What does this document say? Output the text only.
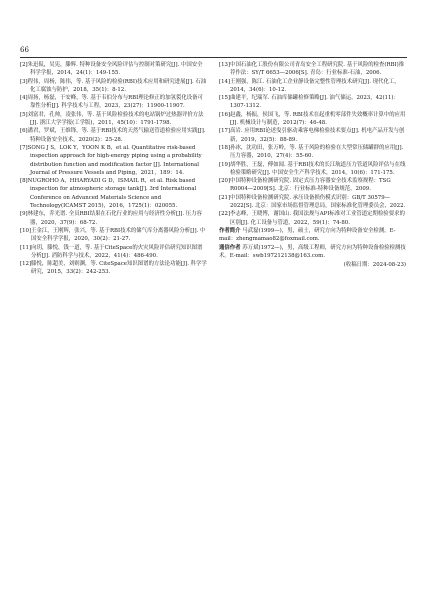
66

[2]朱迅侃，吴宪，滕辉. 特种设备安全风险评估与控制对策研究[J]. 中国安全科学学报，2014，24(1)：149-155.

[3]程伟，周杨，陈伟，等. 基于风险的检验(RBI)技术应用和研究进展[J]. 石油化工腐蚀与防护，2018，35(1)：8-12.

[4]周扬，杨磊，于安峰，等. 基于韦伯分布与RBI理论修正的加氢裂化设备可靠性分析[J]. 科学技术与工程，2023，23(27)：11900-11907.

[5]刘富君，孔帅，凌张伟，等. 基于风险检验技术的电站锅炉过热器评价方法[J]. 浙江大学学报(工学版)，2011，45(10)：1791-1798.

[6]潘君，罗斌，王维锋，等. 基于RBI技术的天然气输送管道检验应用实践[J]. 特种设备安全技术，2020(2)：25-28.

[7]SONG J S，LOK Y，YOON K B，et al. Quantitative risk-based inspection approach for high-energy piping using a probability distribution function and modification factor [J]. International Journal of Pressure Vessels and Piping，2021，189：14.

[8]NUGROHO A，HHARYADI G D，ISMAIL R，et al. Risk based inspection for atmospheric storage tank[J]. 3rd International Conference on Advanced Materials Science and Technology(ICAMST 2015)，2016，1725(1)：020055.

[9]林建东，乔光谱. 全员RBI结果在石化行业的应用与经济性分析[J]. 压力容器，2020，37(9)：68-72.

[10]王金江，王刚辉，张兴，等. 基于RBI技术的储气库分离器风险分析[J]. 中国安全科学学报，2020，30(2)：21-27.

[11]向玥，滕悦，钱一道，等. 基于CiteSpace的火灾风险评估研究知识图谱分析[J]. 消防科学与技术，2022，41(4)：486-490.

[12]滕悦，陈超美，刘则渊，等. CiteSpace知识图谱的方法论功能[J]. 科学学研究，2015，33(2)：242-253.

[13]中国石油化工股份有限公司青岛安全工程研究院. 基于风险的检查(RBI)推荐作法：SY/T 6653—2006[S]. 青岛：行业标准-石油，2006.

[14]王刚强，陈江. 石油化工企业静设备完整性管理技术研究[J]. 现代化工，2014，34(6)：10-12.

[15]曲建平，纪瑞军. 石油库储罐检修策略[J]. 油气储运，2023，42(11)：1307-1312.

[16]赵鑫，杨振，侯国飞，等. RBI技术在起重机零部件失效概率计算中的应用[J]. 机械设计与制造，2012(7)：46-48.

[17]高岩. 应用RBI论述曳引驱动乘客电梯检验技术要点[J]. 机电产品开发与创新，2019，32(5)：88-89.

[18]孙冰，沈功田，张万岭，等. 基于风险的检验在大型常压储罐群的应用[J]. 压力容器，2010，27(4)：55-60.

[19]胡华胜，王磊，傅如闻. 基于RBI技术的长江航道压力管道风险评估与在线检验策略研究[J]. 中国安全生产科学技术，2014，10(6)：171-175.

[20]中国特种设备检测研究院. 固定式压力容器安全技术监察规程：TSG R0004—2009[S]. 北京：行业标准-特种设备规范，2009.

[21]中国特种设备检测研究院. 承压设备损伤模式识别：GB/T 30579—2022[S]. 北京：国家市场监督管理总局，国家标准化管理委员会，2022.

[22]李志峰，王晓博，谢国山. 我国法规与API标准对工业管道定期检验要求的区别[J]. 化工设备与管道，2022，59(1)：74-80.

作者简介 马武磊(1999—)，男，硕士，研究方向为特种设备安全检测。E-mail：zhengmamao82@foxmail.com.

通信作者 苏万斌(1972—)，男，高级工程师，研究方向为特种设备检验检测技术。E-mail：swb197212138@163.com.

(收稿日期：2024-08-23)
